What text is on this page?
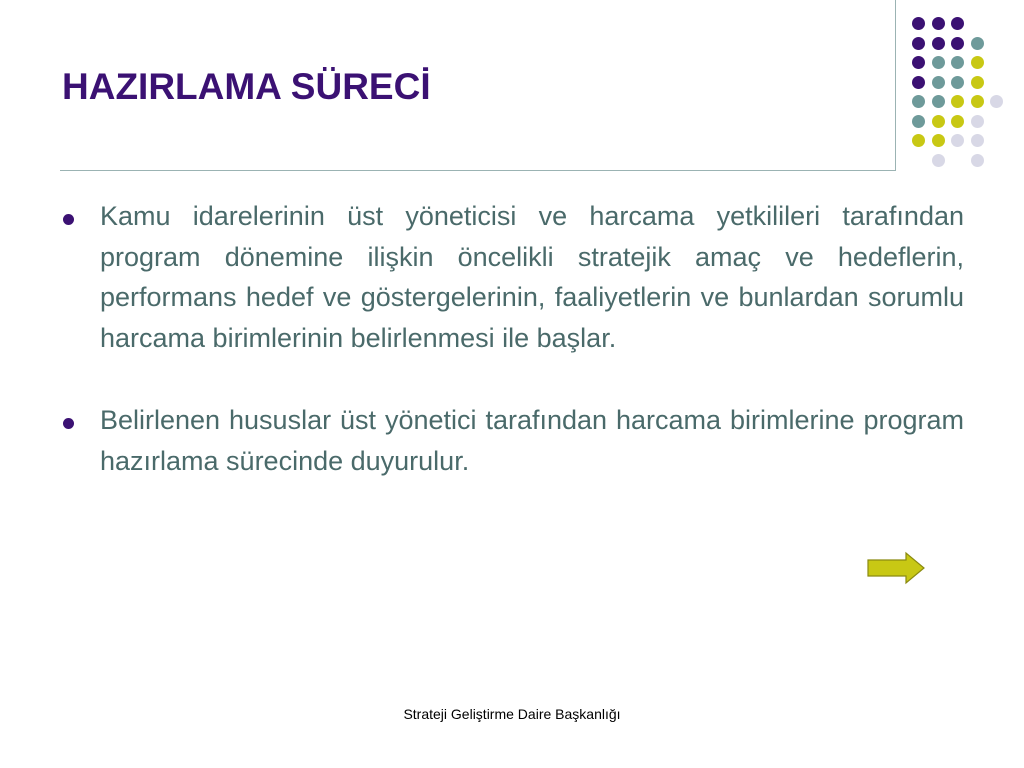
HAZIRLAMA SÜRECİ
Kamu idarelerinin üst yöneticisi ve harcama yetkilileri tarafından program dönemine ilişkin öncelikli stratejik amaç ve hedeflerin, performans hedef ve göstergelerinin, faaliyetlerin ve bunlardan sorumlu harcama birimlerinin belirlenmesi ile başlar.
Belirlenen hususlar üst yönetici tarafından harcama birimlerine program hazırlama sürecinde duyurulur.
Strateji Geliştirme Daire Başkanlığı
